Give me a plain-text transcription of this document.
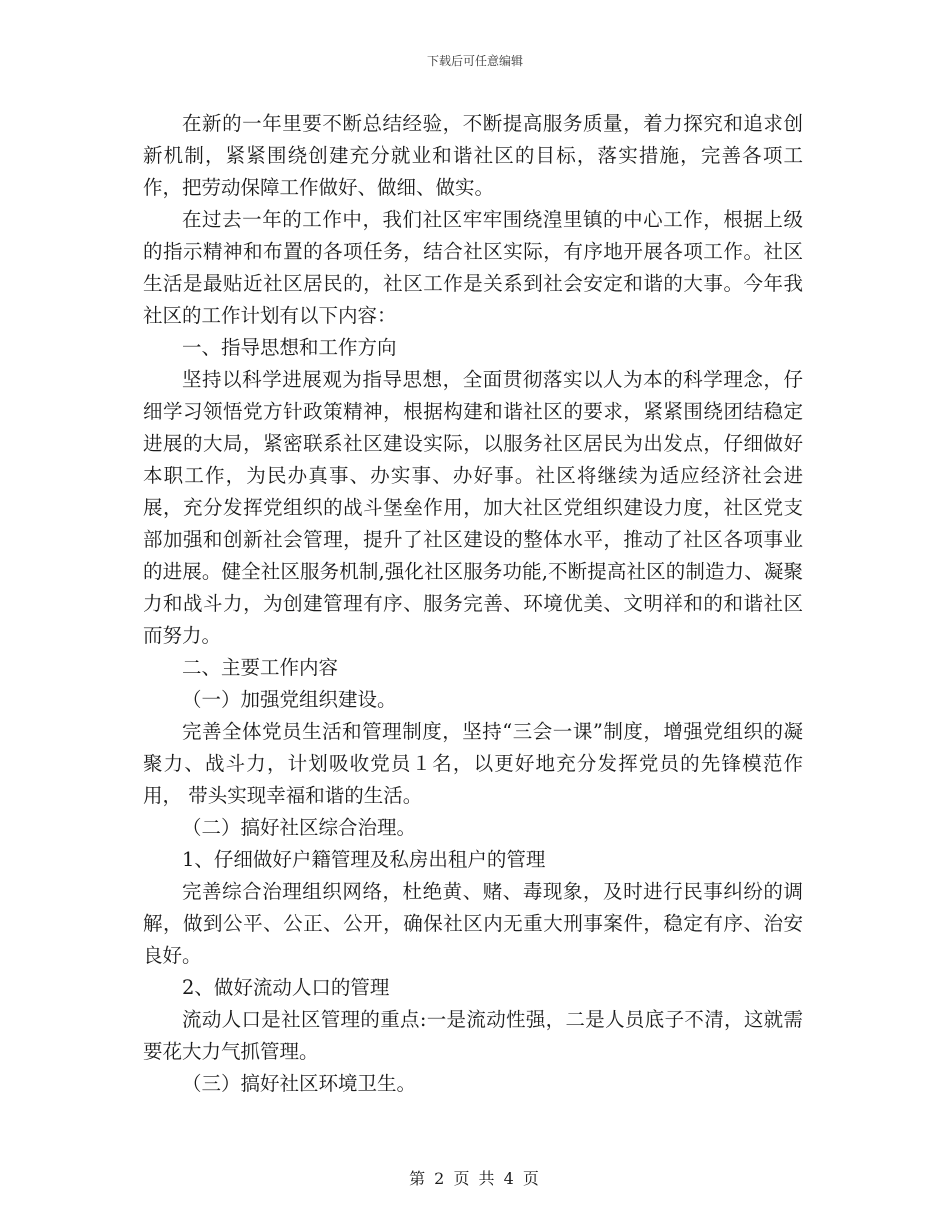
下载后可任意编辑

在新的一年里要不断总结经验，不断提高服务质量，着力探究和追求创新机制，紧紧围绕创建充分就业和谐社区的目标，落实措施，完善各项工作，把劳动保障工作做好、做细、做实。

在过去一年的工作中，我们社区牢牢围绕湟里镇的中心工作，根据上级的指示精神和布置的各项任务，结合社区实际，有序地开展各项工作。社区生活是最贴近社区居民的，社区工作是关系到社会安定和谐的大事。今年我社区的工作计划有以下内容：

一、指导思想和工作方向

坚持以科学进展观为指导思想，全面贯彻落实以人为本的科学理念，仔细学习领悟党方针政策精神，根据构建和谐社区的要求，紧紧围绕团结稳定进展的大局，紧密联系社区建设实际，以服务社区居民为出发点，仔细做好本职工作，为民办真事、办实事、办好事。社区将继续为适应经济社会进展，充分发挥党组织的战斗堡垒作用，加大社区党组织建设力度，社区党支部加强和创新社会管理，提升了社区建设的整体水平，推动了社区各项事业的进展。健全社区服务机制,强化社区服务功能,不断提高社区的制造力、凝聚力和战斗力，为创建管理有序、服务完善、环境优美、文明祥和的和谐社区而努力。

二、主要工作内容

（一）加强党组织建设。

完善全体党员生活和管理制度，坚持“三会一课”制度，增强党组织的凝聚力、战斗力，计划吸收党员１名，以更好地充分发挥党员的先锋模范作用， 带头实现幸福和谐的生活。

（二）搞好社区综合治理。

1、仔细做好户籍管理及私房出租户的管理

完善综合治理组织网络，杜绝黄、赌、毒现象，及时进行民事纠纷的调解，做到公平、公正、公开，确保社区内无重大刑事案件，稳定有序、治安良好。

2、做好流动人口的管理

流动人口是社区管理的重点:一是流动性强，二是人员底子不清，这就需要花大力气抓管理。

（三）搞好社区环境卫生。

第 2 页 共 4 页
